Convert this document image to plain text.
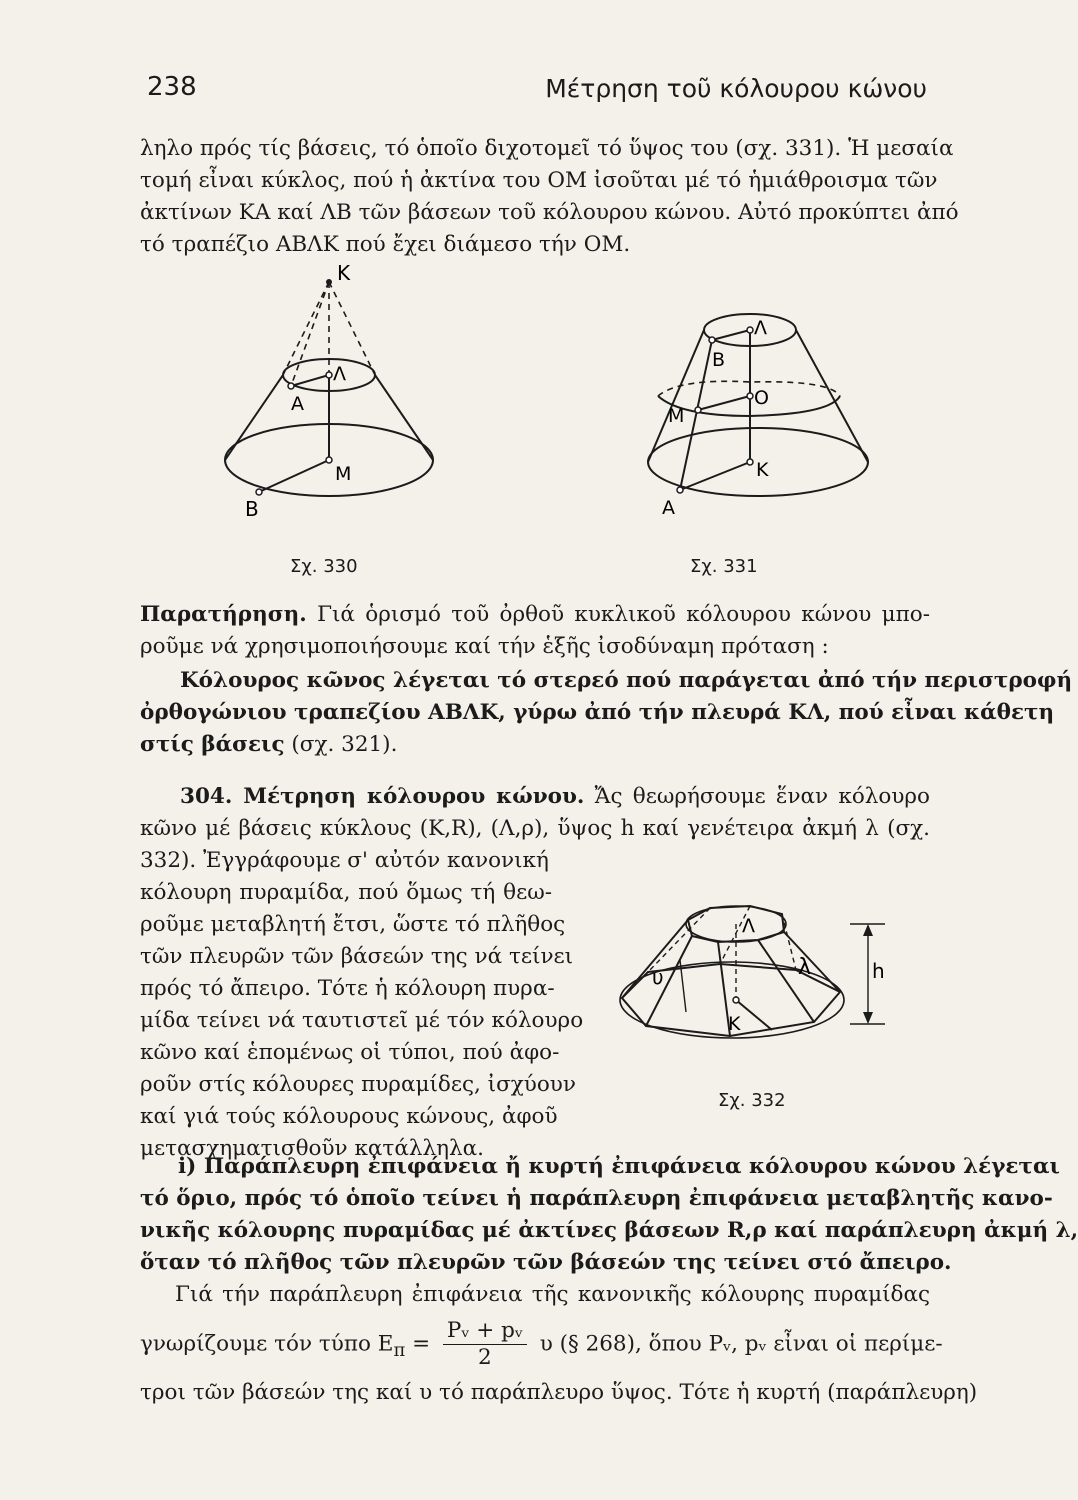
238	Μέτρηση τοῦ κόλουρου κώνου
ληλο πρός τίς βάσεις, τό ὁποῖο διχοτομεῖ τό ὕψος του (σχ. 331). Ἡ μεσαία
τομή εἶναι κύκλος, πού ἡ ἀκτίνα του ΟΜ ἰσοῦται μέ τό ἡμιάθροισμα τῶν
ἀκτίνων ΚΑ καί ΛΒ τῶν βάσεων τοῦ κόλουρου κώνου. Αὐτό προκύπτει ἀπό
τό τραπέζιο ΑΒΛΚ πού ἔχει διάμεσο τήν ΟΜ.
K
Λ
A
M
B
Σχ. 330
Λ
B
O
M
K
A
Σχ. 331
Παρατήρηση. Γιά ὁρισμό τοῦ ὀρθοῦ κυκλικοῦ κόλουρου κώνου μπο-
ροῦμε νά χρησιμοποιήσουμε καί τήν ἑξῆς ἰσοδύναμη πρόταση :
Κόλουρος κῶνος λέγεται τό στερεό πού παράγεται ἀπό τήν περιστροφή
ὀρθογώνιου τραπεζίου ΑΒΛΚ, γύρω ἀπό τήν πλευρά ΚΛ, πού εἶναι κάθετη
στίς βάσεις (σχ. 321).
304. Μέτρηση κόλουρου κώνου. Ἄς θεωρήσουμε ἕναν κόλουρο
κῶνο μέ βάσεις κύκλους (Κ,R), (Λ,ρ), ὕψος h καί γενέτειρα ἀκμή λ (σχ.
332). Ἐγγράφουμε σ' αὐτόν κανονική
κόλουρη πυραμίδα, πού ὅμως τή θεω-
ροῦμε μεταβλητή ἔτσι, ὥστε τό πλῆθος
τῶν πλευρῶν τῶν βάσεών της νά τείνει
πρός τό ἄπειρο. Τότε ἡ κόλουρη πυρα-
μίδα τείνει νά ταυτιστεῖ μέ τόν κόλουρο
κῶνο καί ἑπομένως οἱ τύποι, πού ἀφο-
ροῦν στίς κόλουρες πυραμίδες, ἰσχύουν
καί γιά τούς κόλουρους κώνους, ἀφοῦ
μετασχηματισθοῦν κατάλληλα.
Λ
υ	λ	h
K
Σχ. 332
i) Παράπλευρη ἐπιφάνεια ἤ κυρτή ἐπιφάνεια κόλουρου κώνου λέγεται
τό ὅριο, πρός τό ὁποῖο τείνει ἡ παράπλευρη ἐπιφάνεια μεταβλητῆς κανο-
νικῆς κόλουρης πυραμίδας μέ ἀκτίνες βάσεων R,ρ καί παράπλευρη ἀκμή λ,
ὅταν τό πλῆθος τῶν πλευρῶν τῶν βάσεών της τείνει στό ἄπειρο.
Γιά τήν παράπλευρη ἐπιφάνεια τῆς κανονικῆς κόλουρης πυραμίδας
γνωρίζουμε τόν τύπο $E_\pi = \frac{\text{Pᵥ + pᵥ}}{2}$ υ (§ 268), ὅπου Pᵥ, pᵥ εἶναι οἱ περίμε-
τροι τῶν βάσεών της καί υ τό παράπλευρο ὕψος. Τότε ἡ κυρτή (παράπλευρη)
